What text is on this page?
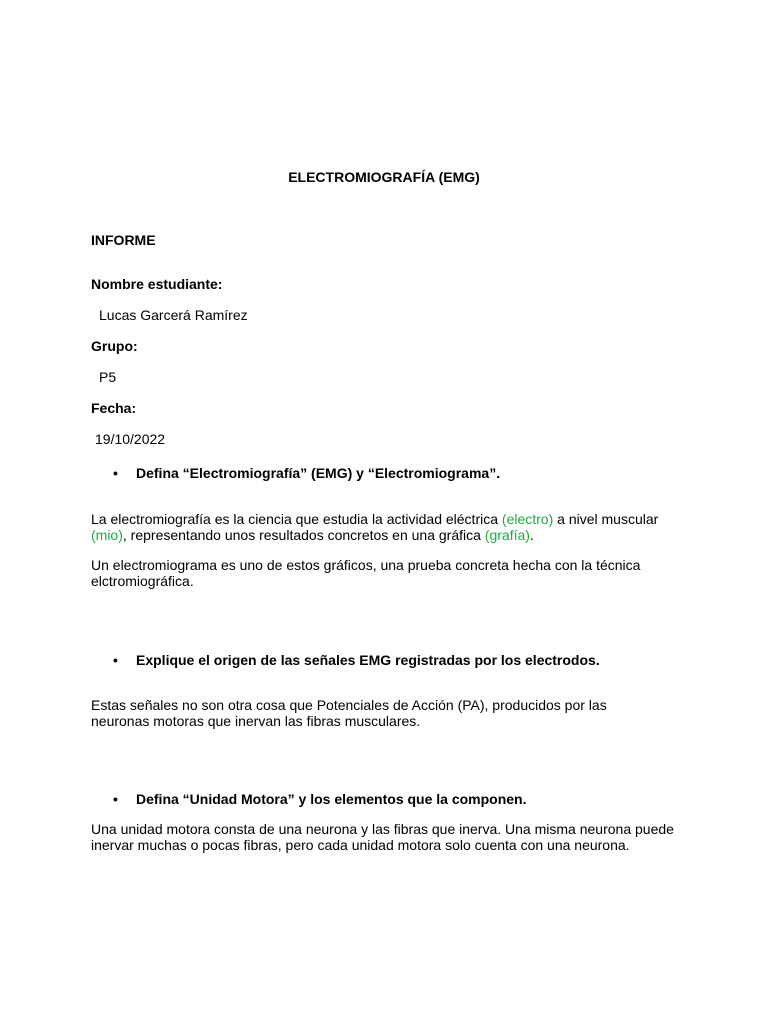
ELECTROMIOGRAFÍA (EMG)
INFORME
Nombre estudiante:
Lucas Garcerá Ramírez
Grupo:
P5
Fecha:
19/10/2022
• Defina “Electromiografía” (EMG) y “Electromiograma”.
La electromiografía es la ciencia que estudia la actividad eléctrica (electro) a nivel muscular (mio), representando unos resultados concretos en una gráfica (grafía).
Un electromiograma es uno de estos gráficos, una prueba concreta hecha con la técnica elctromiográfica.
• Explique el origen de las señales EMG registradas por los electrodos.
Estas señales no son otra cosa que Potenciales de Acción (PA), producidos por las neuronas motoras que inervan las fibras musculares.
• Defina “Unidad Motora” y los elementos que la componen.
Una unidad motora consta de una neurona y las fibras que inerva. Una misma neurona puede inervar muchas o pocas fibras, pero cada unidad motora solo cuenta con una neurona.
